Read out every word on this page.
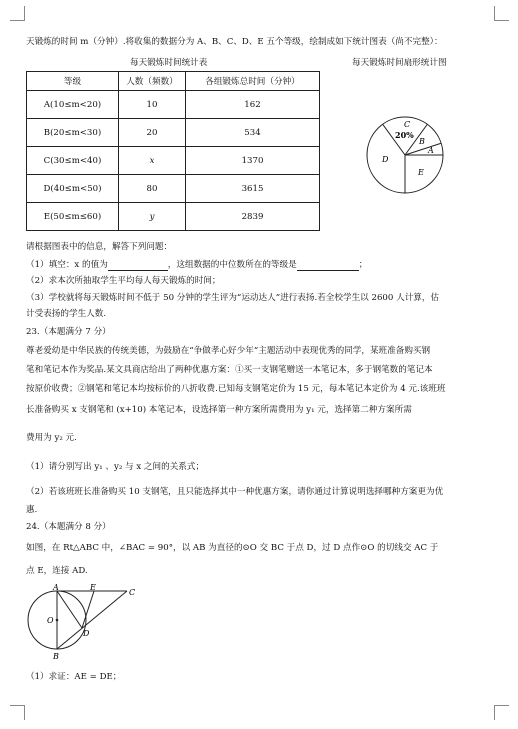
天锻炼的时间 m（分钟）.将收集的数据分为 A、B、C、D、E 五个等级，绘制成如下统计图表（尚不完整）：
每天锻炼时间统计表	每天锻炼时间扇形统计图
等级	人数（频数）	各组锻炼总时间（分钟）
A(10≤m<20)	10	162
B(20≤m<30)	20	534
C(30≤m<40)	x	1370
D(40≤m<50)	80	3615
E(50≤m≤60)	y	2839
C
20%
B
A
D
E
请根据图表中的信息，解答下列问题：
（1）填空：x 的值为	，这组数据的中位数所在的等级是	；
（2）求本次所抽取学生平均每人每天锻炼的时间；
（3）学校就将每天锻炼时间不低于 50 分钟的学生评为“运动达人”进行表扬.若全校学生以 2600 人计算，估
计受表扬的学生人数.
23.（本题满分 7 分）
尊老爱幼是中华民族的传统美德，为鼓励在“争做孝心好少年”主题活动中表现优秀的同学，某班准备购买钢
笔和笔记本作为奖品.某文具商店给出了两种优惠方案：①买一支钢笔赠送一本笔记本，多于钢笔数的笔记本
按原价收费；②钢笔和笔记本均按标价的八折收费.已知每支钢笔定价为 15 元，每本笔记本定价为 4 元.该班班
长准备购买 x 支钢笔和 (x+10) 本笔记本，设选择第一种方案所需费用为 y₁ 元，选择第二种方案所需
费用为 y₂ 元.
（1）请分别写出 y₁ 、y₂ 与 x 之间的关系式；
（2）若该班班长准备购买 10 支钢笔，且只能选择其中一种优惠方案，请你通过计算说明选择哪种方案更为优
惠.
24.（本题满分 8 分）
如图，在 Rt△ABC 中，∠BAC = 90°，以 AB 为直径的⊙O 交 BC 于点 D，过 D 点作⊙O 的切线交 AC 于
点 E，连接 AD.
A	E
C
O
D
B
（1）求证：AE = DE；
